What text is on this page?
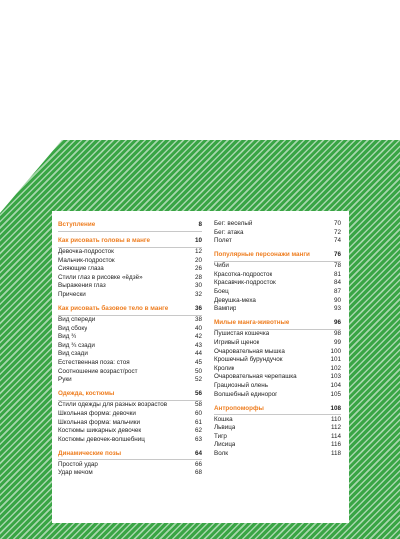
Вступление	8
Как рисовать головы в манге	10
Девочка-подросток	12
Мальчик-подросток	20
Сияющие глаза	26
Стили глаз в рисовке «ёдзё»	28
Выражения глаз	30
Прически	32
Как рисовать базовое тело в манге	36
Вид спереди	38
Вид сбоку	40
Вид ¾	42
Вид ¾ сзади	43
Вид сзади	44
Естественная поза: стоя	45
Соотношение возраст/рост	50
Руки	52
Одежда, костюмы	56
Стили одежды для разных возрастов	58
Школьная форма: девочки	60
Школьная форма: мальчики	61
Костюмы шикарных девочек	62
Костюмы девочек-волшебниц	63
Динамические позы	64
Простой удар	66
Удар мечом	68
Бег: веселый	70
Бег: атака	72
Полет	74
Популярные персонажи манги	76
Чиби	78
Красотка-подросток	81
Красавчик-подросток	84
Боец	87
Девушка-меха	90
Вампир	93
Милые манга-животные	96
Пушистая кошечка	98
Игривый щенок	99
Очаровательная мышка	100
Крошечный бурундучок	101
Кролик	102
Очаровательная черепашка	103
Грациозный олень	104
Волшебный единорог	105
Антропоморфы	108
Кошка	110
Львица	112
Тигр	114
Лисица	116
Волк	118
